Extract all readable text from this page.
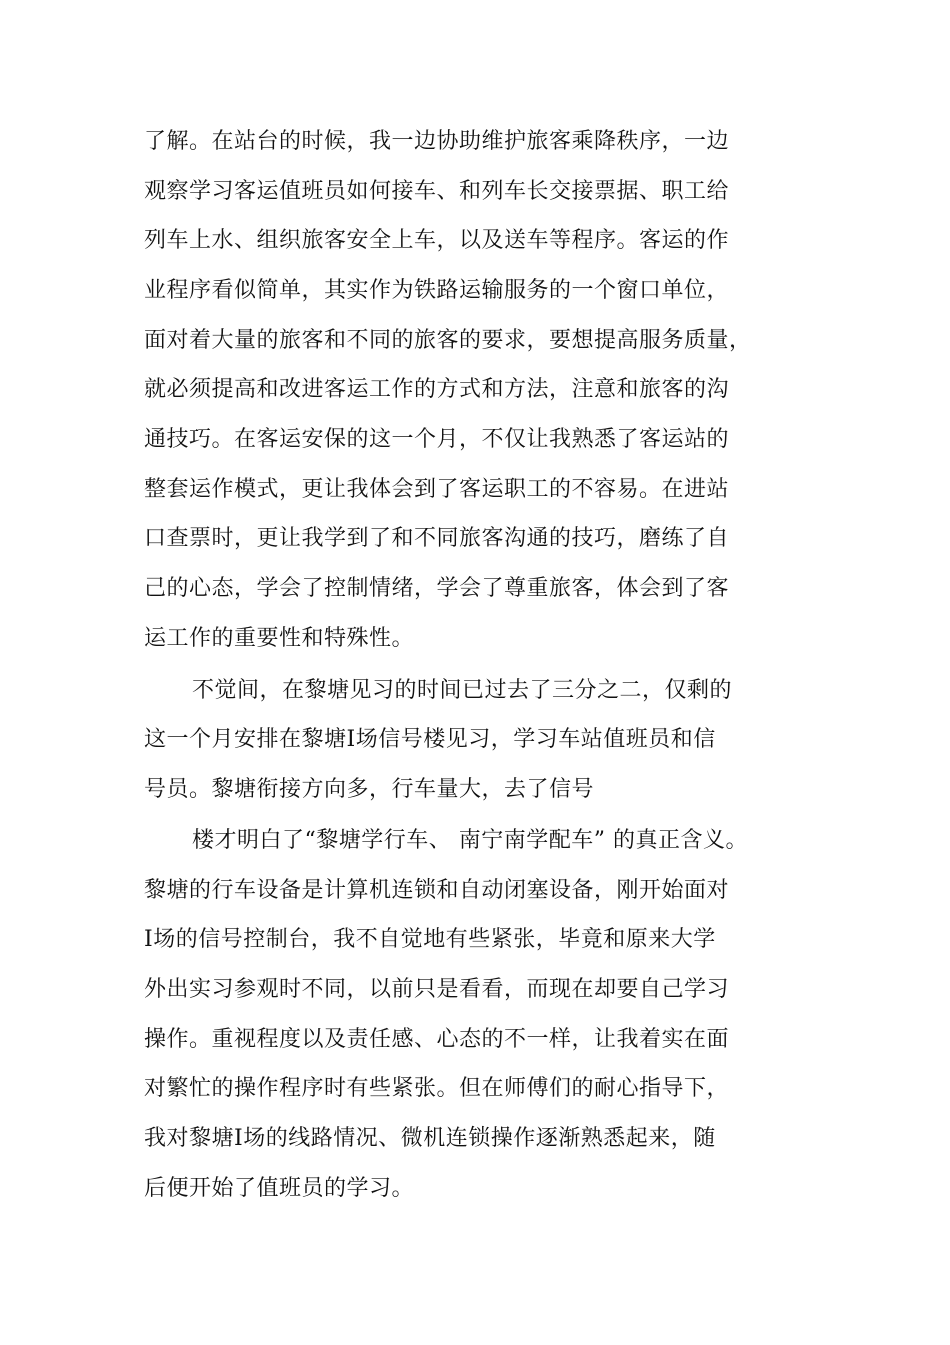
了解。在站台的时候，我一边协助维护旅客乘降秩序，一边
观察学习客运值班员如何接车、和列车长交接票据、职工给
列车上水、组织旅客安全上车，以及送车等程序。客运的作
业程序看似简单，其实作为铁路运输服务的一个窗口单位，
面对着大量的旅客和不同的旅客的要求，要想提高服务质量，
就必须提高和改进客运工作的方式和方法，注意和旅客的沟
通技巧。在客运安保的这一个月，不仅让我熟悉了客运站的
整套运作模式，更让我体会到了客运职工的不容易。在进站
口查票时，更让我学到了和不同旅客沟通的技巧，磨练了自
己的心态，学会了控制情绪，学会了尊重旅客，体会到了客
运工作的重要性和特殊性。
不觉间，在黎塘见习的时间已过去了三分之二，仅剩的
这一个月安排在黎塘Ⅰ场信号楼见习，学习车站值班员和信
号员。黎塘衔接方向多，行车量大，去了信号
楼才明白了“黎塘学行车、 南宁南学配车” 的真正含义。
黎塘的行车设备是计算机连锁和自动闭塞设备，刚开始面对
Ⅰ场的信号控制台，我不自觉地有些紧张，毕竟和原来大学
外出实习参观时不同，以前只是看看，而现在却要自己学习
操作。重视程度以及责任感、心态的不一样，让我着实在面
对繁忙的操作程序时有些紧张。但在师傅们的耐心指导下，
我对黎塘Ⅰ场的线路情况、微机连锁操作逐渐熟悉起来，随
后便开始了值班员的学习。
